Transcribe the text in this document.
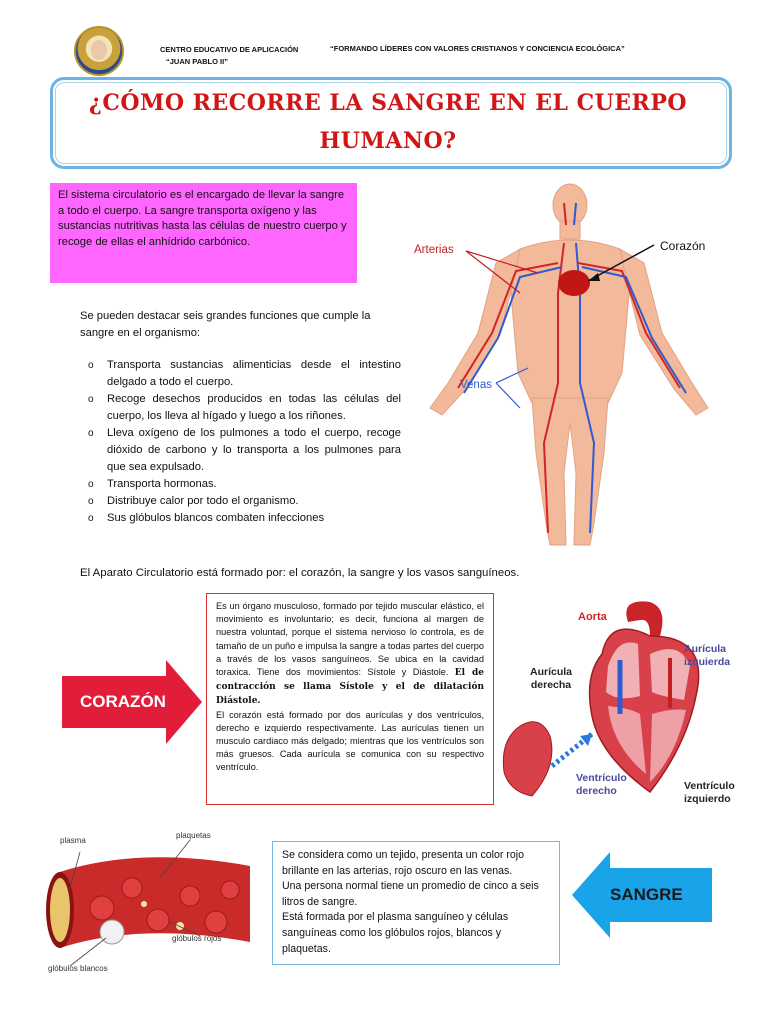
CENTRO EDUCATIVO DE APLICACIÓN
“JUAN PABLO II”
“FORMANDO LÍDERES CON VALORES CRISTIANOS Y CONCIENCIA ECOLÓGICA”
¿CÓMO RECORRE LA SANGRE EN EL CUERPO
HUMANO?

El sistema circulatorio es el encargado de llevar la sangre a todo el cuerpo. La sangre transporta oxígeno y las sustancias nutritivas hasta las células de nuestro cuerpo y recoge de ellas el anhídrido carbónico.

Se pueden destacar seis grandes funciones que cumple la sangre en el organismo:
o Transporta sustancias alimenticias desde el intestino delgado a todo el cuerpo.
o Recoge desechos producidos en todas las células del cuerpo, los lleva al hígado y luego a los riñones.
o Lleva oxígeno de los pulmones a todo el cuerpo, recoge dióxido de carbono y lo transporta a los pulmones para que sea expulsado.
o Transporta hormonas.
o Distribuye calor por todo el organismo.
o Sus glóbulos blancos combaten infecciones
Arterias	Corazón
Venas
El Aparato Circulatorio está formado por: el corazón, la sangre y los vasos sanguíneos.
CORAZÓN

Es un órgano musculoso, formado por tejido muscular elástico, el movimiento es involuntario; es decir, funciona al margen de nuestra voluntad, porque el sistema nervioso lo controla, es de tamaño de un puño e impulsa la sangre a todas partes del cuerpo a través de los vasos sanguíneos. Se ubica en la cavidad toraxica. Tiene dos movimientos: Sístole y Diástole. El de contracción se llama Sístole y el de dilatación Diástole.
El corazón está formado por dos aurículas y dos ventrículos, derecho e izquierdo respectivamente. Las aurículas tienen un musculo cardiaco más delgado; mientras que los ventrículos son más gruesos. Cada aurícula se comunica con su respectivo ventrículo.

Aorta
Aurícula
izquierda
Aurícula
derecha
Ventrículo
derecho	Ventrículo
izquierdo
plasma
plaquetas
glóbulos rojos
glóbulos blancos

Se considera como un tejido, presenta un color rojo brillante en las arterias, rojo oscuro en las venas.
Una persona normal tiene un promedio de cinco a seis litros de sangre.
Está formada por el plasma sanguíneo y células sanguíneas como los glóbulos rojos, blancos y plaquetas.

SANGRE
